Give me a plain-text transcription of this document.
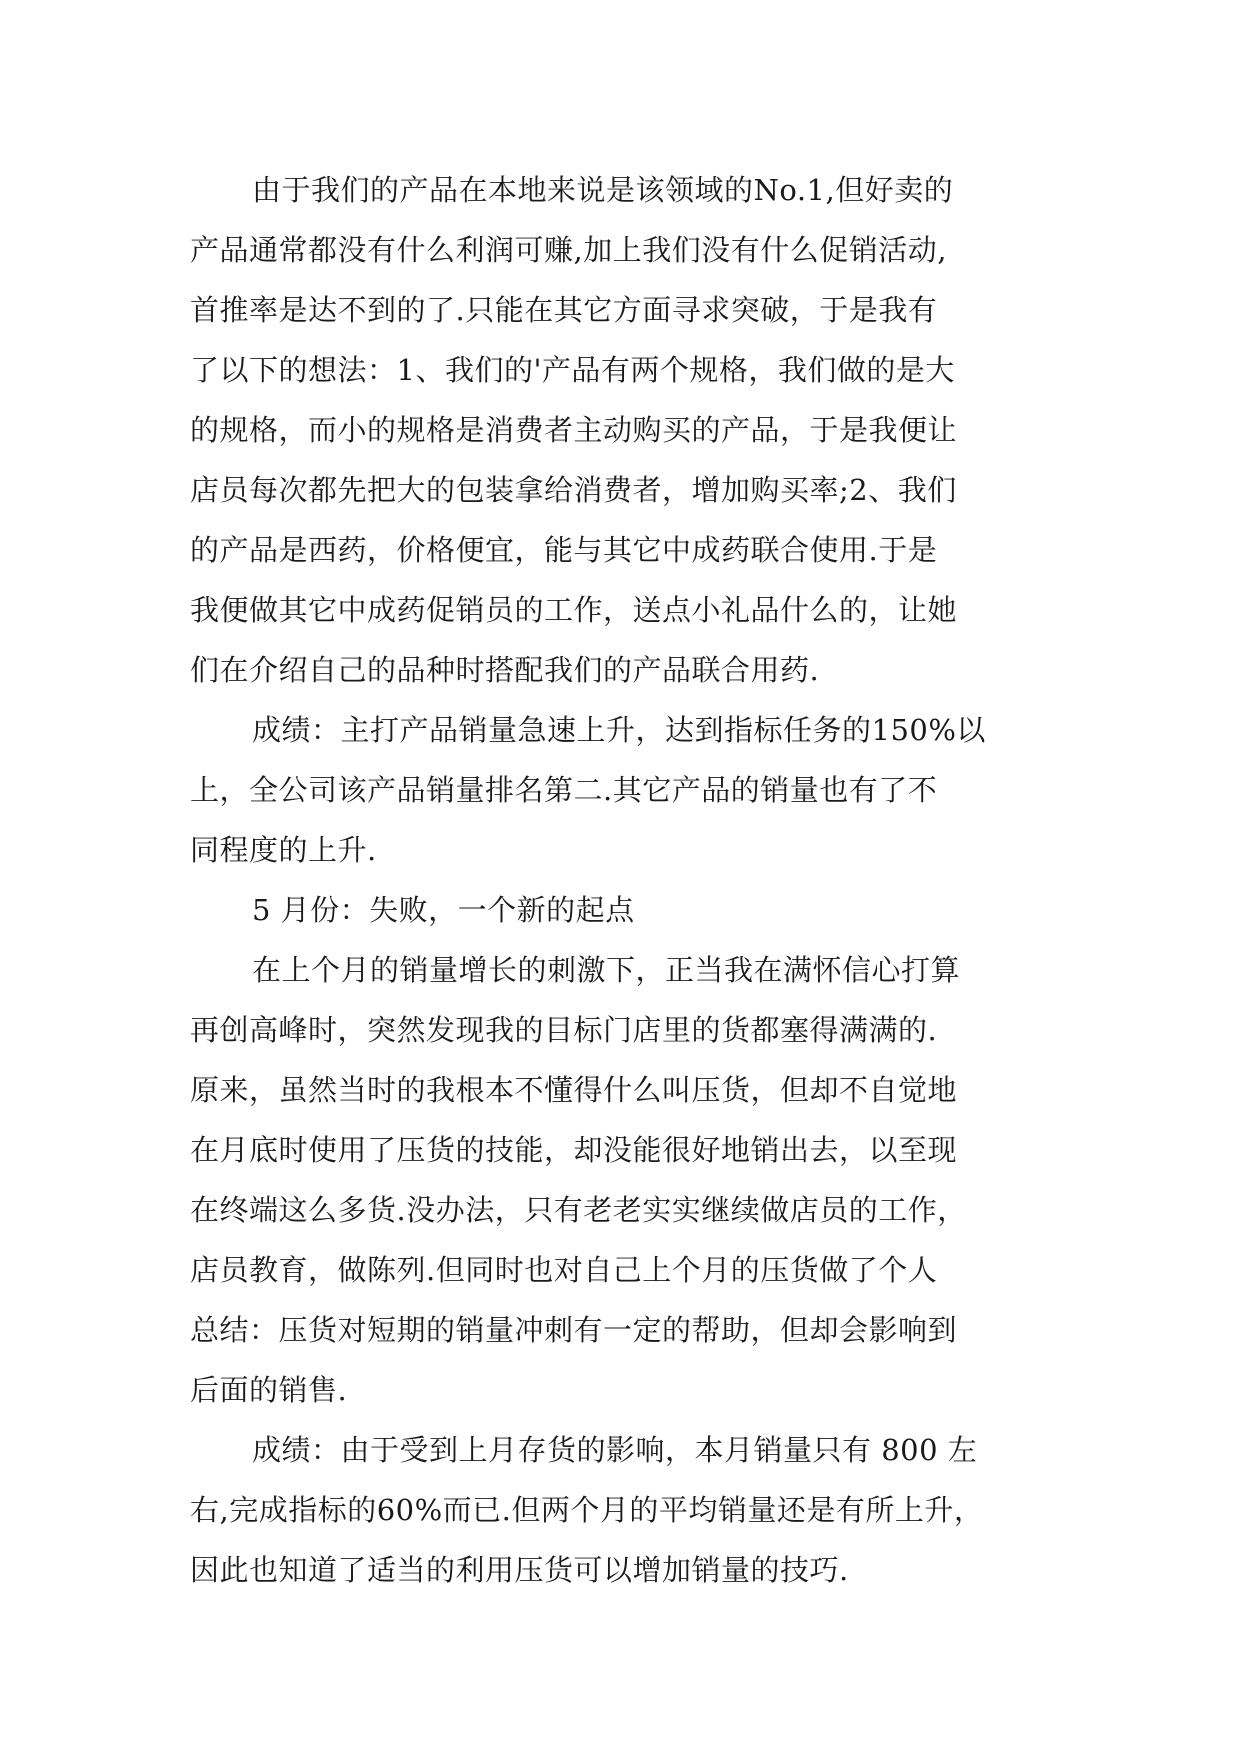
由于我们的产品在本地来说是该领域的No.1,但好卖的
产品通常都没有什么利润可赚,加上我们没有什么促销活动,
首推率是达不到的了.只能在其它方面寻求突破，于是我有
了以下的想法：1、我们的'产品有两个规格，我们做的是大
的规格，而小的规格是消费者主动购买的产品，于是我便让
店员每次都先把大的包装拿给消费者，增加购买率;2、我们
的产品是西药，价格便宜，能与其它中成药联合使用.于是
我便做其它中成药促销员的工作，送点小礼品什么的，让她
们在介绍自己的品种时搭配我们的产品联合用药.
成绩：主打产品销量急速上升，达到指标任务的150%以
上，全公司该产品销量排名第二.其它产品的销量也有了不
同程度的上升.
5 月份：失败，一个新的起点
在上个月的销量增长的刺激下，正当我在满怀信心打算
再创高峰时，突然发现我的目标门店里的货都塞得满满的.
原来，虽然当时的我根本不懂得什么叫压货，但却不自觉地
在月底时使用了压货的技能，却没能很好地销出去，以至现
在终端这么多货.没办法，只有老老实实继续做店员的工作，
店员教育，做陈列.但同时也对自己上个月的压货做了个人
总结：压货对短期的销量冲刺有一定的帮助，但却会影响到
后面的销售.
成绩：由于受到上月存货的影响，本月销量只有 800 左
右,完成指标的60%而已.但两个月的平均销量还是有所上升，
因此也知道了适当的利用压货可以增加销量的技巧.
